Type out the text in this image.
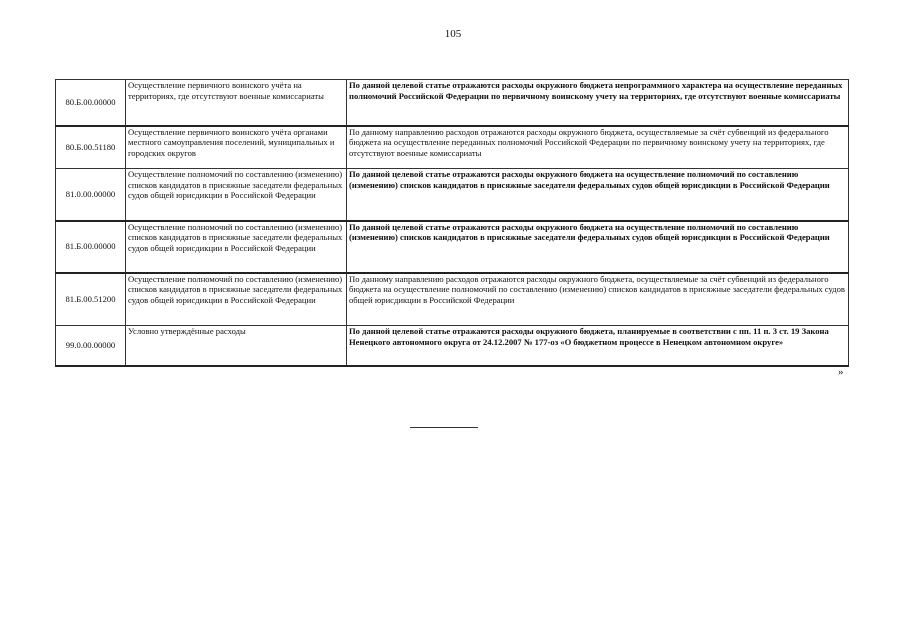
105
80.Б.00.00000	Осуществление первичного воинского учёта на территориях, где отсутствуют военные комиссариаты	По данной целевой статье отражаются расходы окружного бюджета непрограммного характера на осуществление переданных полномочий Российской Федерации по первичному воинскому учету на территориях, где отсутствуют военные комиссариаты
80.Б.00.51180	Осуществление первичного воинского учёта органами местного самоуправления поселений, муниципальных и городских округов	По данному направлению расходов отражаются расходы окружного бюджета, осуществляемые за счёт субвенций из федерального бюджета на осуществление переданных полномочий Российской Федерации по первичному воинскому учету на территориях, где отсутствуют военные комиссариаты
81.0.00.00000	Осуществление полномочий по составлению (изменению) списков кандидатов в присяжные заседатели федеральных судов общей юрисдикции в Российской Федерации	По данной целевой статье отражаются расходы окружного бюджета на осуществление полномочий по составлению (изменению) списков кандидатов в присяжные заседатели федеральных судов общей юрисдикции в Российской Федерации
81.Б.00.00000	Осуществление полномочий по составлению (изменению) списков кандидатов в присяжные заседатели федеральных судов общей юрисдикции в Российской Федерации	По данной целевой статье отражаются расходы окружного бюджета на осуществление полномочий по составлению (изменению) списков кандидатов в присяжные заседатели федеральных судов общей юрисдикции в Российской Федерации
81.Б.00.51200	Осуществление полномочий по составлению (изменению) списков кандидатов в присяжные заседатели федеральных судов общей юрисдикции в Российской Федерации	По данному направлению расходов отражаются расходы окружного бюджета, осуществляемые за счёт субвенций из федерального бюджета на осуществление полномочий по составлению (изменению) списков кандидатов в присяжные заседатели федеральных судов общей юрисдикции в Российской Федерации
99.0.00.00000	Условно утверждённые расходы	По данной целевой статье отражаются расходы окружного бюджета, планируемые в соответствии с пп. 11 п. 3 ст. 19 Закона Ненецкого автономного округа от 24.12.2007 № 177-оз «О бюджетном процессе в Ненецком автономном округе»
»
